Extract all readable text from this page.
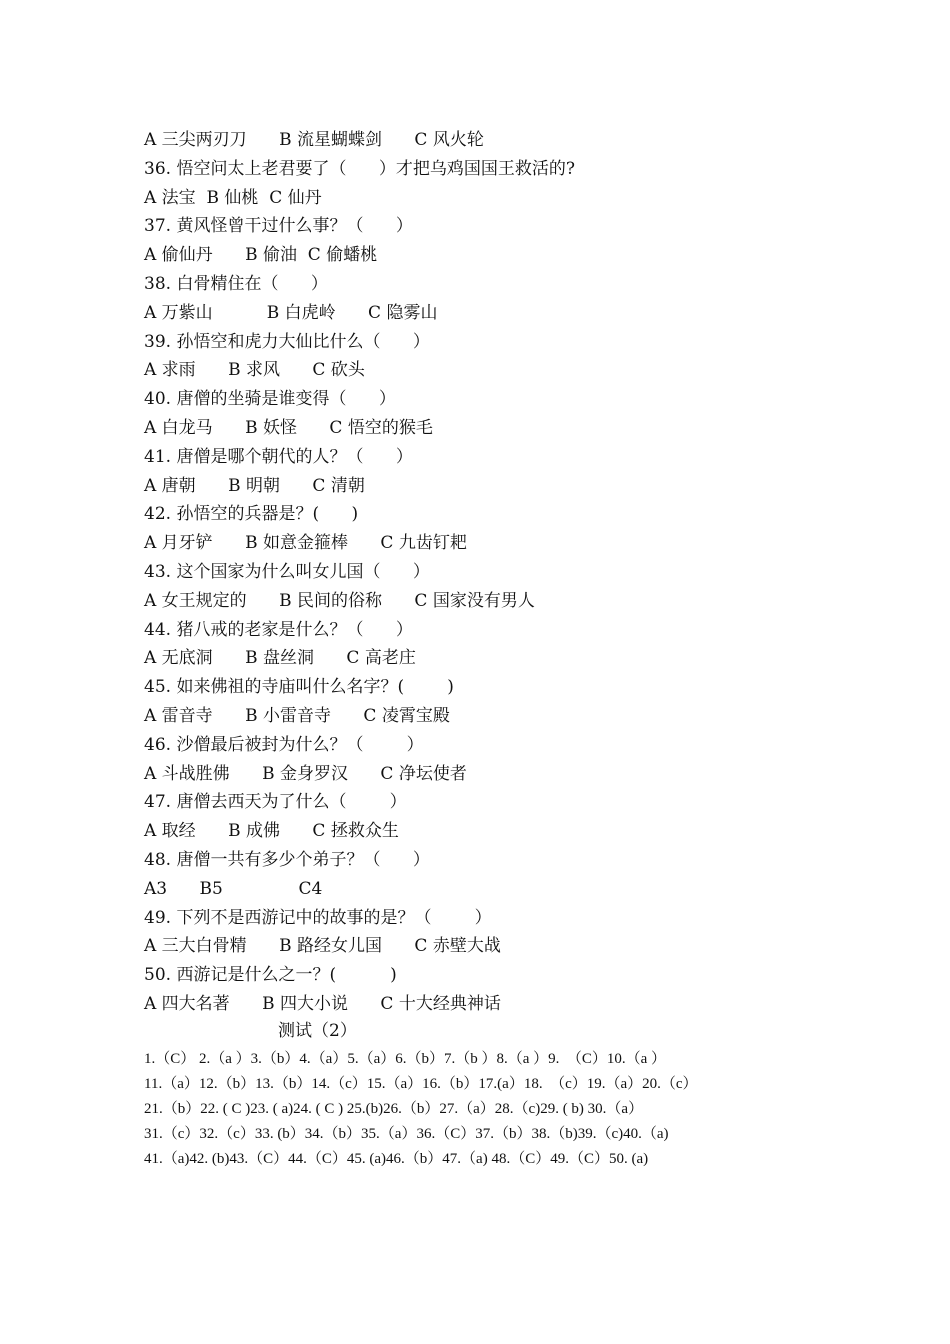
A 三尖两刃刀      B 流星蝴蝶剑      C 风火轮
36. 悟空问太上老君要了（      ）才把乌鸡国国王救活的?
A 法宝  B 仙桃  C 仙丹
37. 黄风怪曾干过什么事？（      ）
A 偷仙丹      B 偷油  C 偷蟠桃
38. 白骨精住在（      ）
A 万紫山          B 白虎岭      C 隐雾山
39. 孙悟空和虎力大仙比什么（      ）
A 求雨      B 求风      C 砍头
40. 唐僧的坐骑是谁变得（      ）
A 白龙马      B 妖怪      C 悟空的猴毛
41. 唐僧是哪个朝代的人？（      ）
A 唐朝      B 明朝      C 清朝
42. 孙悟空的兵器是？(      )
A 月牙铲      B 如意金箍棒      C 九齿钉耙
43. 这个国家为什么叫女儿国（      ）
A 女王规定的      B 民间的俗称      C 国家没有男人
44. 猪八戒的老家是什么？（      ）
A 无底洞      B 盘丝洞      C 高老庄
45. 如来佛祖的寺庙叫什么名字？(        )
A 雷音寺      B 小雷音寺      C 凌霄宝殿
46. 沙僧最后被封为什么？（        ）
A 斗战胜佛      B 金身罗汉      C 净坛使者
47. 唐僧去西天为了什么（        ）
A 取经      B 成佛      C 拯救众生
48. 唐僧一共有多少个弟子？（      ）
A3      B5              C4
49. 下列不是西游记中的故事的是？（        ）
A 三大白骨精      B 路经女儿国      C 赤壁大战
50. 西游记是什么之一？(          )
A 四大名著      B 四大小说      C 十大经典神话
测试（2）
1.（C） 2.（a ）3.（b）4.（a）5.（a）6.（b）7.（b ）8.（a ）9.  （C）10.（a ）
11.（a）12.（b）13.（b）14.（c）15.（a）16.（b）17.(a）18.  （c）19.（a）20.（c）
21.（b）22. ( C )23. ( a)24. ( C ) 25.(b)26.（b）27.（a）28.（c)29. ( b) 30.（a）
31.（c）32.（c）33. (b）34.（b）35.（a）36.（C）37.（b）38.（b)39.（c)40.（a)
41.（a)42. (b)43.（C）44.（C）45. (a)46.（b）47.（a) 48.（C）49.（C）50. (a)
